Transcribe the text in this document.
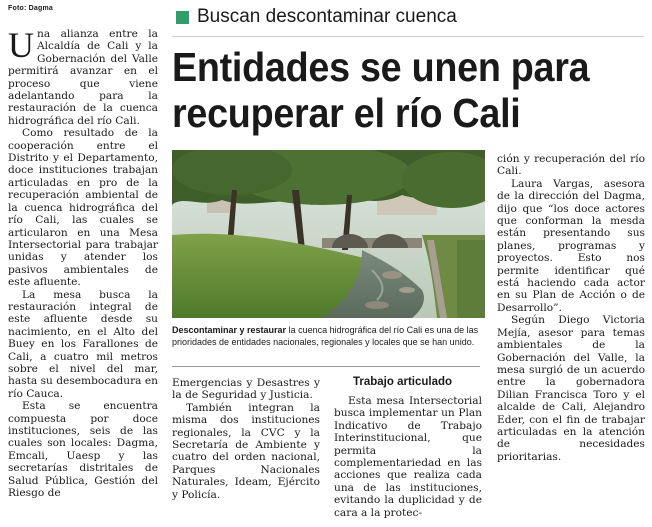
Foto: Dagma

Una alianza entre la Alcaldía de Cali y la Gobernación del Valle permitirá avanzar en el proceso que viene adelantando para la restauración de la cuenca hidrográfica del río Cali.

Como resultado de la cooperación entre el Distrito y el Departamento, doce instituciones trabajan articuladas en pro de la recuperación ambiental de la cuenca hidrográfica del río Cali, las cuales se articularon en una Mesa Intersectorial para trabajar unidas y atender los pasivos ambientales de este afluente.

La mesa busca la restauración integral de este afluente desde su nacimiento, en el Alto del Buey en los Farallones de Cali, a cuatro mil metros sobre el nivel del mar, hasta su desembocadura en río Cauca.

Esta se encuentra compuesta por doce instituciones, seis de las cuales son locales: Dagma, Emcali, Uaesp y las secretarías distritales de Salud Pública, Gestión del Riesgo de

Buscan descontaminar cuenca
Entidades se unen para
recuperar el río Cali
Descontaminar y restaurar la cuenca hidrográfica del río Cali es una de las prioridades de entidades nacionales, regionales y locales que se han unido.

Emergencias y Desastres y la de Seguridad y Justicia.

También integran la misma dos instituciones regionales, la CVC y la Secretaría de Ambiente y cuatro del orden nacional, Parques Nacionales Naturales, Ideam, Ejército y Policía.

Trabajo articulado

Esta mesa Intersectorial busca implementar un Plan Indicativo de Trabajo Interinstitucional, que permita la complementariedad en las acciones que realiza cada una de las instituciones, evitando la duplicidad y de cara a la protec-

ción y recuperación del río Cali.

Laura Vargas, asesora de la dirección del Dagma, dijo que “los doce actores que conforman la mesda están presentando sus planes, programas y proyectos. Esto nos permite identificar qué está haciendo cada actor en su Plan de Acción o de Desarrollo”.

Según Diego Victoria Mejía, asesor para temas ambientales de la Gobernación del Valle, la mesa surgió de un acuerdo entre la gobernadora Dilian Francisca Toro y el alcalde de Cali, Alejandro Eder, con el fin de trabajar articuladas en la atención de necesidades prioritarias.
